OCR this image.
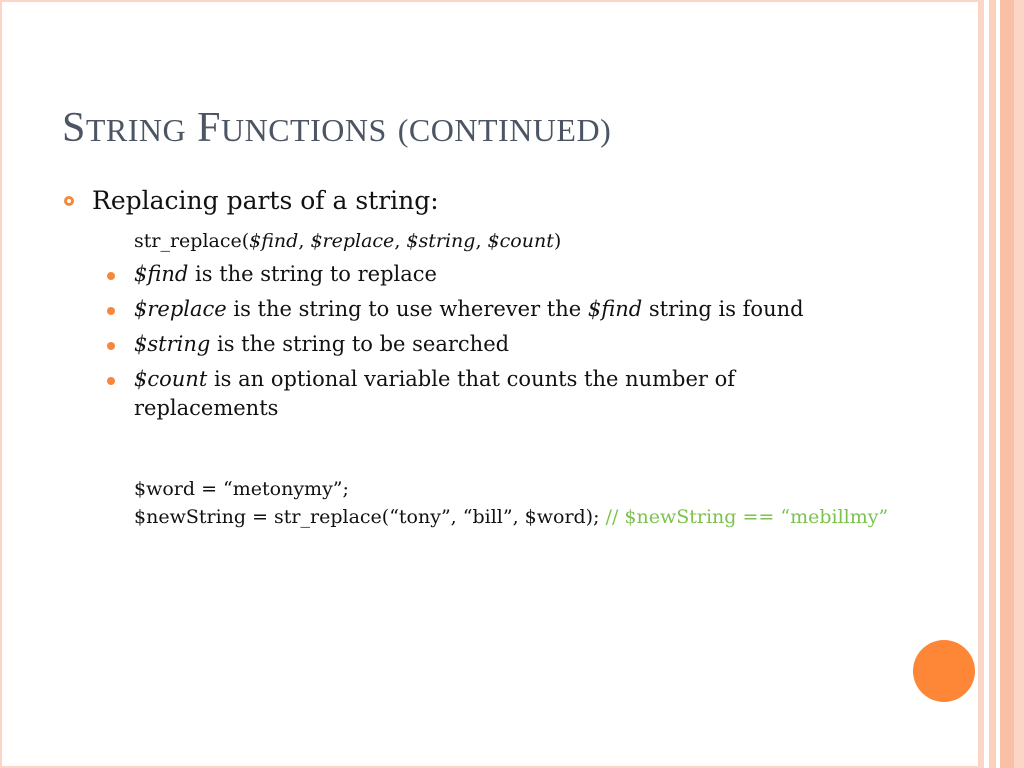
STRING FUNCTIONS (CONTINUED)
Replacing parts of a string:
str_replace($find, $replace, $string, $count)
$find is the string to replace
$replace is the string to use wherever the $find string is found
$string is the string to be searched
$count is an optional variable that counts the number of
replacements
$word = “metonymy”;
$newString = str_replace(“tony”, “bill”, $word); // $newString == “mebillmy”
